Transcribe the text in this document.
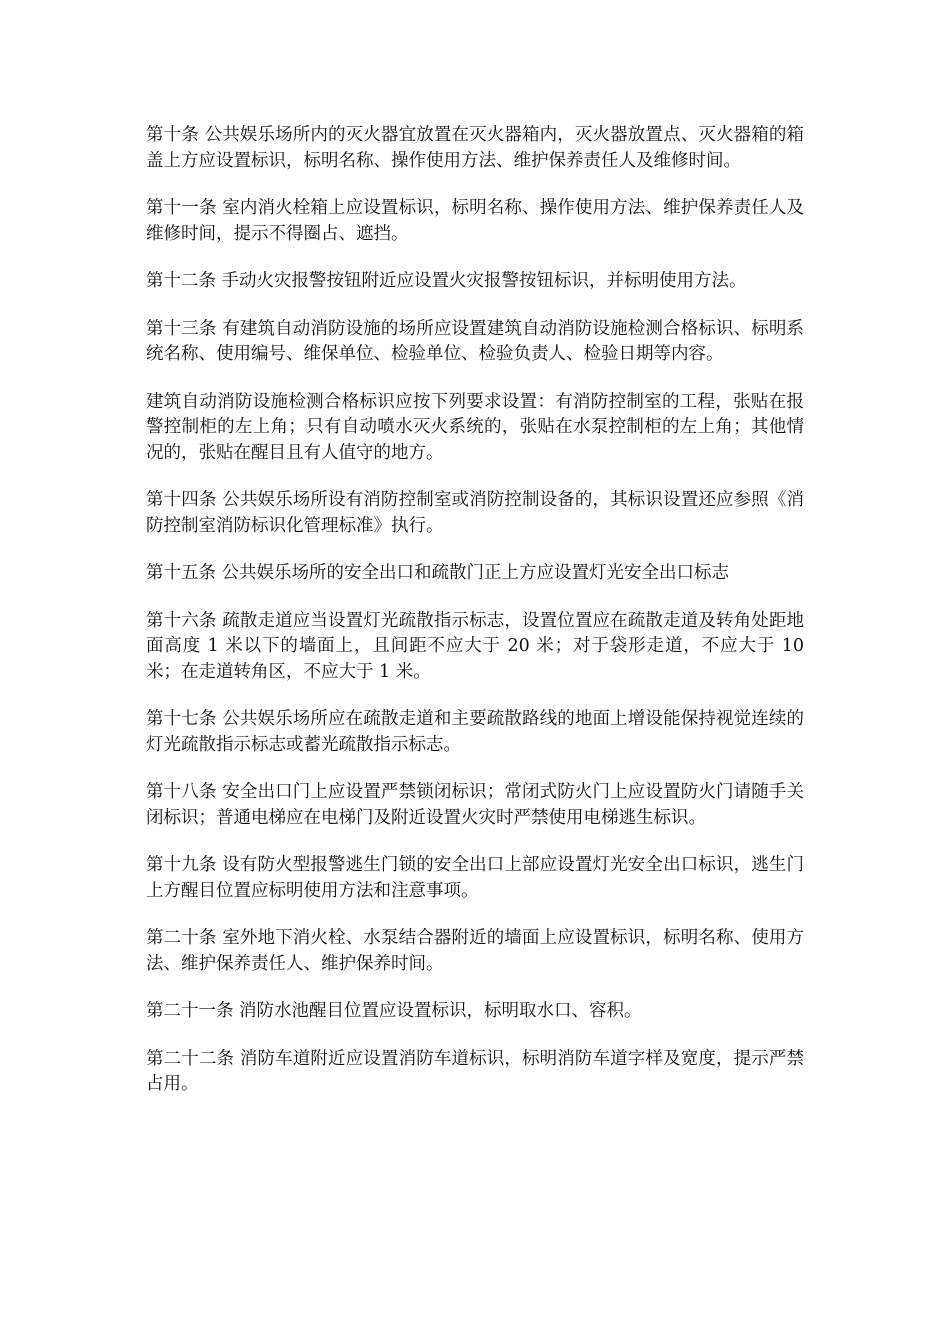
第十条 公共娱乐场所内的灭火器宜放置在灭火器箱内，灭火器放置点、灭火器箱的箱盖上方应设置标识，标明名称、操作使用方法、维护保养责任人及维修时间。

第十一条 室内消火栓箱上应设置标识，标明名称、操作使用方法、维护保养责任人及维修时间，提示不得圈占、遮挡。

第十二条 手动火灾报警按钮附近应设置火灾报警按钮标识，并标明使用方法。

第十三条 有建筑自动消防设施的场所应设置建筑自动消防设施检测合格标识、标明系统名称、使用编号、维保单位、检验单位、检验负责人、检验日期等内容。

建筑自动消防设施检测合格标识应按下列要求设置：有消防控制室的工程，张贴在报警控制柜的左上角；只有自动喷水灭火系统的，张贴在水泵控制柜的左上角；其他情况的，张贴在醒目且有人值守的地方。

第十四条 公共娱乐场所设有消防控制室或消防控制设备的，其标识设置还应参照《消防控制室消防标识化管理标准》执行。

第十五条 公共娱乐场所的安全出口和疏散门正上方应设置灯光安全出口标志

第十六条 疏散走道应当设置灯光疏散指示标志，设置位置应在疏散走道及转角处距地面高度 1 米以下的墙面上，且间距不应大于 20 米；对于袋形走道，不应大于 10 米；在走道转角区，不应大于 1 米。

第十七条 公共娱乐场所应在疏散走道和主要疏散路线的地面上增设能保持视觉连续的灯光疏散指示标志或蓄光疏散指示标志。

第十八条 安全出口门上应设置严禁锁闭标识；常闭式防火门上应设置防火门请随手关闭标识；普通电梯应在电梯门及附近设置火灾时严禁使用电梯逃生标识。

第十九条 设有防火型报警逃生门锁的安全出口上部应设置灯光安全出口标识，逃生门上方醒目位置应标明使用方法和注意事项。

第二十条 室外地下消火栓、水泵结合器附近的墙面上应设置标识，标明名称、使用方法、维护保养责任人、维护保养时间。

第二十一条 消防水池醒目位置应设置标识，标明取水口、容积。

第二十二条 消防车道附近应设置消防车道标识，标明消防车道字样及宽度，提示严禁占用。
